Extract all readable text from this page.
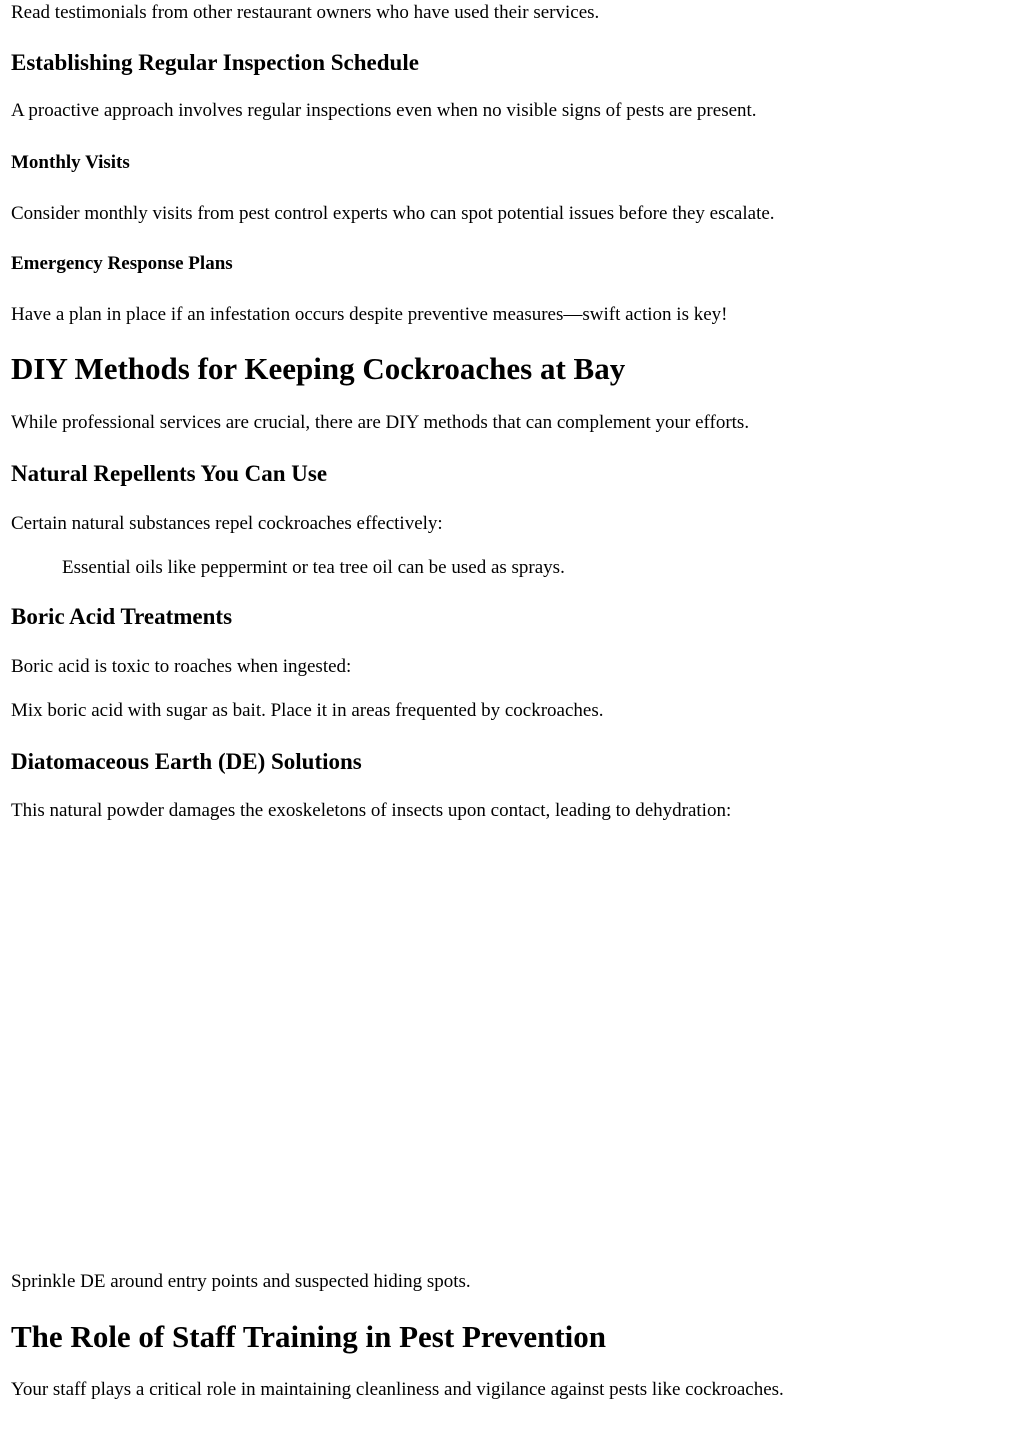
Read testimonials from other restaurant owners who have used their services.

Establishing Regular Inspection Schedule

A proactive approach involves regular inspections even when no visible signs of pests are present.

Monthly Visits

Consider monthly visits from pest control experts who can spot potential issues before they escalate.

Emergency Response Plans

Have a plan in place if an infestation occurs despite preventive measures—swift action is key!

DIY Methods for Keeping Cockroaches at Bay

While professional services are crucial, there are DIY methods that can complement your efforts.

Natural Repellents You Can Use

Certain natural substances repel cockroaches effectively:

Essential oils like peppermint or tea tree oil can be used as sprays.

Boric Acid Treatments

Boric acid is toxic to roaches when ingested:

Mix boric acid with sugar as bait. Place it in areas frequented by cockroaches.

Diatomaceous Earth (DE) Solutions

This natural powder damages the exoskeletons of insects upon contact, leading to dehydration:

Sprinkle DE around entry points and suspected hiding spots.

The Role of Staff Training in Pest Prevention

Your staff plays a critical role in maintaining cleanliness and vigilance against pests like cockroaches.
